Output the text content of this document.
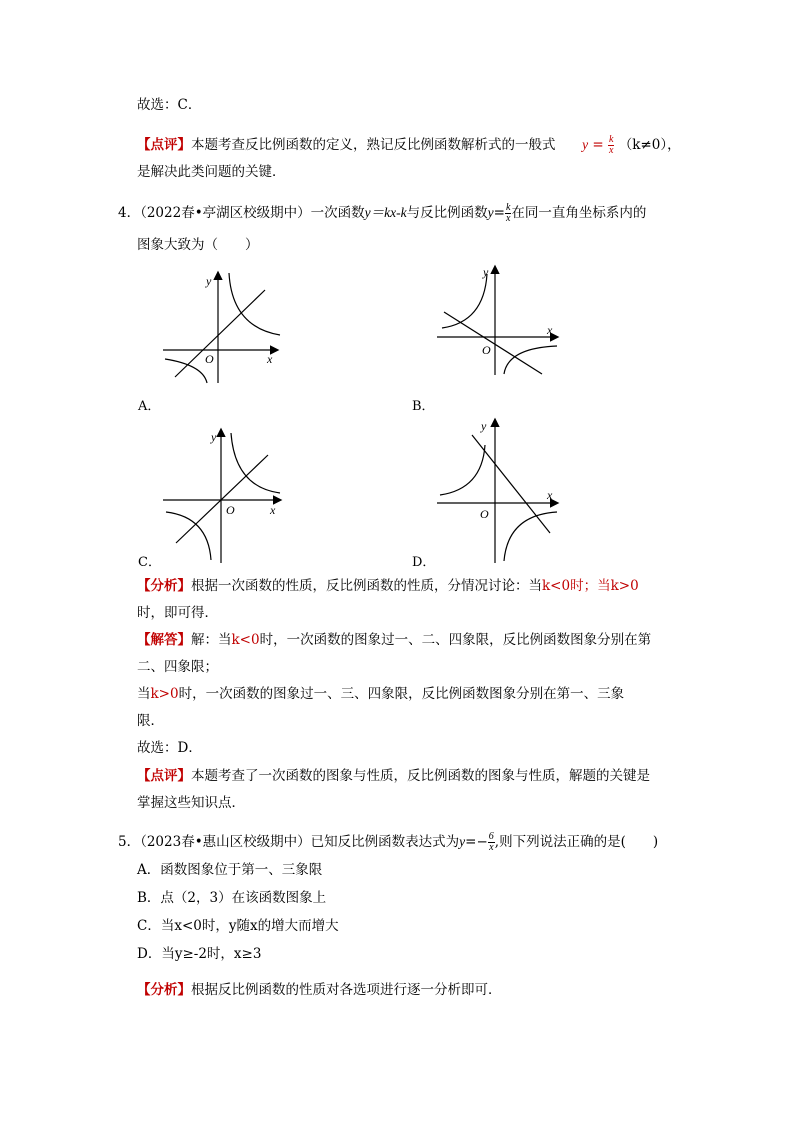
故选：C．
【点评】本题考查反比例函数的定义，熟记反比例函数解析式的一般式 $y = \frac{k}{x} (k\ne 0)$，
是解决此类问题的关键．
4．（2022春•亭湖区校级期中）一次函数y＝kx-k与反比例函数$y= \frac{k}{x}$ 在同一直角坐标系内的
图象大致为（　　）
O	x
y
A．
O
x
y
B．
O	x
y
C．
O
x
y
D．
【分析】根据一次函数的性质，反比例函数的性质，分情况讨论：当k<0时；当k>0
时，即可得．
【解答】解：当k<0时，一次函数的图象过一、二、四象限，反比例函数图象分别在第
二、四象限；
当k>0时，一次函数的图象过一、三、四象限，反比例函数图象分别在第一、三象
限．
故选：D．
【点评】本题考查了一次函数的图象与性质，反比例函数的图象与性质，解题的关键是
掌握这些知识点．
5．（2023春•惠山区校级期中）已知反比例函数表达式为$y=- \frac{6}{x}$ ,则下列说法正确的是(　　)
A．函数图象位于第一、三象限
B．点（2，3）在该函数图象上
C．当x<0时，y随x的增大而增大
D．当y≥-2时，x≥3
【分析】根据反比例函数的性质对各选项进行逐一分析即可．
